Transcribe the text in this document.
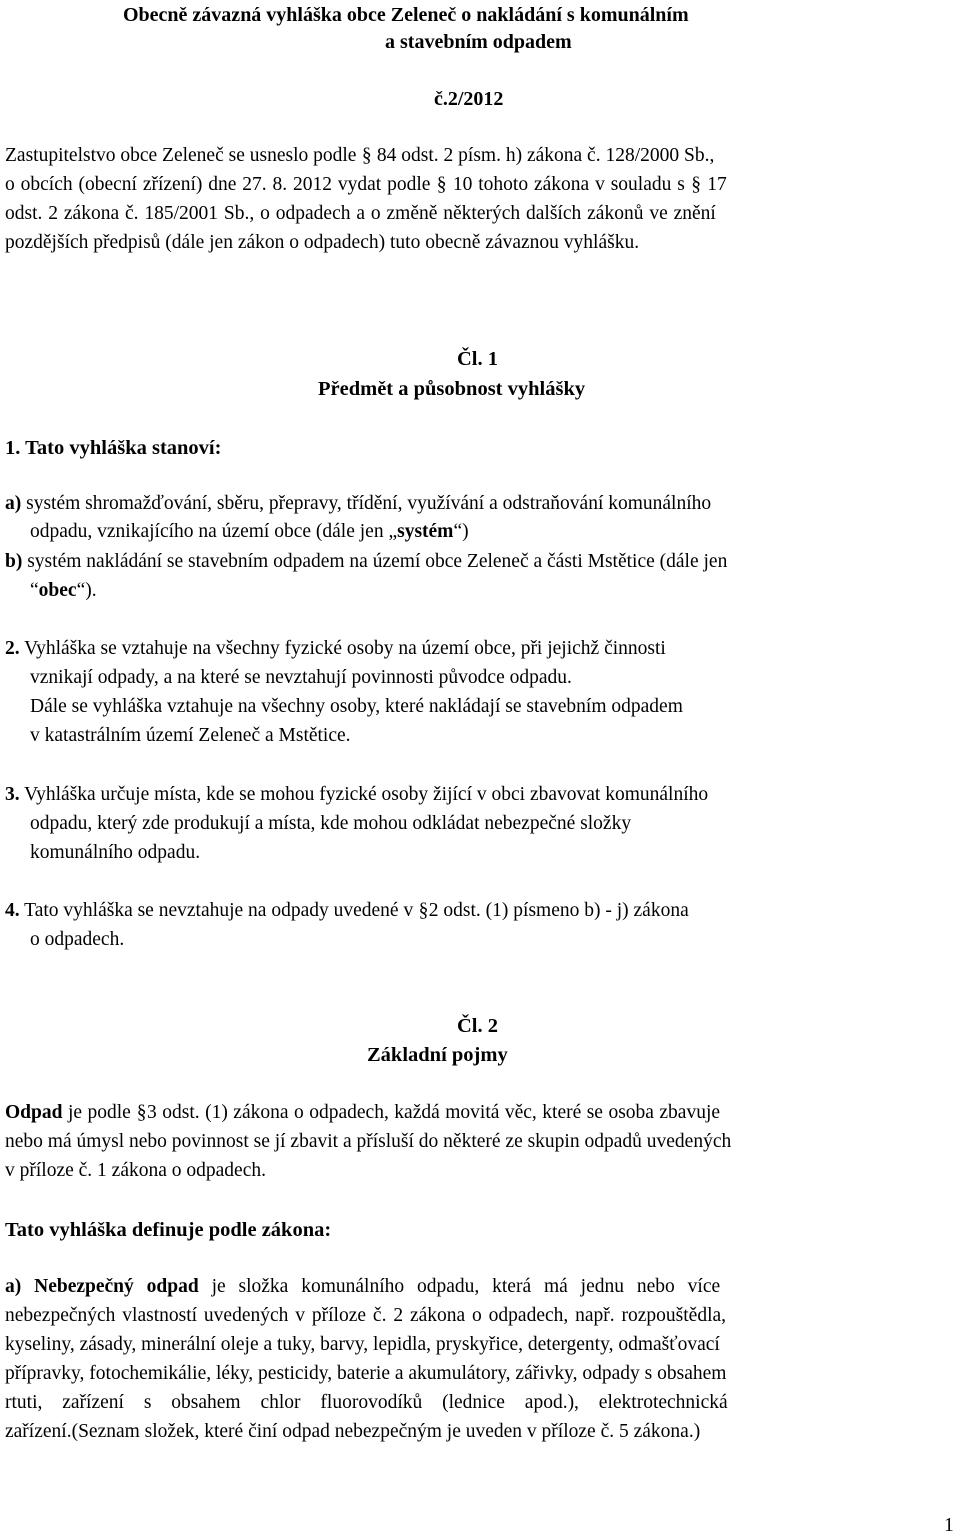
Obecně závazná vyhláška obce Zeleneč o nakládání s komunálním
a stavebním odpadem
č.2/2012
Zastupitelstvo obce Zeleneč se usneslo podle § 84 odst. 2 písm. h) zákona č. 128/2000 Sb.,
o obcích (obecní zřízení) dne 27. 8. 2012 vydat podle § 10 tohoto zákona v souladu s § 17
odst. 2 zákona č. 185/2001 Sb., o odpadech a o změně některých dalších zákonů ve znění
pozdějších předpisů (dále jen zákon o odpadech) tuto obecně závaznou vyhlášku.
Čl. 1
Předmět a působnost vyhlášky
1. Tato vyhláška stanoví:
a) systém shromažďování, sběru, přepravy, třídění, využívání a odstraňování komunálního
odpadu, vznikajícího na území obce (dále jen „systém“)
b) systém nakládání se stavebním odpadem na území obce Zeleneč a části Mstětice (dále jen
“obec“).
2. Vyhláška se vztahuje na všechny fyzické osoby na území obce, při jejichž činnosti
vznikají odpady, a na které se nevztahují povinnosti původce odpadu.
Dále se vyhláška vztahuje na všechny osoby, které nakládají se stavebním odpadem
v katastrálním území Zeleneč a Mstětice.
3. Vyhláška určuje místa, kde se mohou fyzické osoby žijící v obci zbavovat komunálního
odpadu, který zde produkují a místa, kde mohou odkládat nebezpečné složky
komunálního odpadu.
4. Tato vyhláška se nevztahuje na odpady uvedené v §2 odst. (1) písmeno b) - j) zákona
o odpadech.
Čl. 2
Základní pojmy
Odpad je podle §3 odst. (1) zákona o odpadech, každá movitá věc, které se osoba zbavuje
nebo má úmysl nebo povinnost se jí zbavit a přísluší do některé ze skupin odpadů uvedených
v příloze č. 1 zákona o odpadech.
Tato vyhláška definuje podle zákona:
a) Nebezpečný odpad je složka komunálního odpadu, která má jednu nebo více
nebezpečných vlastností uvedených v příloze č. 2 zákona o odpadech, např. rozpouštědla,
kyseliny, zásady, minerální oleje a tuky, barvy, lepidla, pryskyřice, detergenty, odmašťovací
přípravky, fotochemikálie, léky, pesticidy, baterie a akumulátory, zářivky, odpady s obsahem
rtuti, zařízení s obsahem chlor fluorovodíků (lednice apod.), elektrotechnická
zařízení.(Seznam složek, které činí odpad nebezpečným je uveden v příloze č. 5 zákona.)
1
